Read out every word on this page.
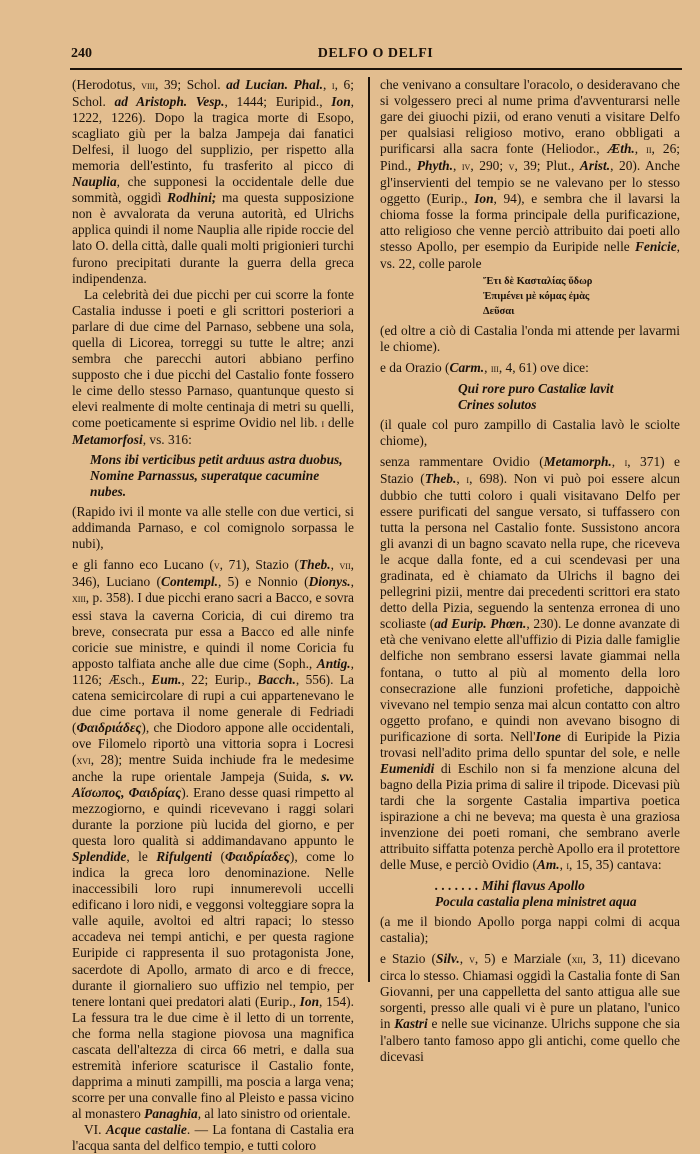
240	DELFO O DELFI

(Herodotus, viii, 39; Schol. ad Lucian. Phal., i, 6; Schol. ad Aristoph. Vesp., 1444; Euripid., Ion, 1222, 1226). Dopo la tragica morte di Esopo, scagliato giù per la balza Jampeja dai fanatici Delfesi, il luogo del supplizio, per rispetto alla memoria dell'estinto, fu trasferito al picco di Nauplia, che supponesi la occidentale delle due sommità, oggidì Rodhini; ma questa supposizione non è avvalorata da veruna autorità, ed Ulrichs applica quindi il nome Nauplia alle ripide roccie del lato O. della città, dalle quali molti prigionieri turchi furono precipitati durante la guerra della greca indipendenza.

La celebrità dei due picchi per cui scorre la fonte Castalia indusse i poeti e gli scrittori posteriori a parlare di due cime del Parnaso, sebbene una sola, quella di Licorea, torreggi su tutte le altre; anzi sembra che parecchi autori abbiano perfino supposto che i due picchi del Castalio fonte fossero le cime dello stesso Parnaso, quantunque questo si elevi realmente di molte centinaja di metri su quelli, come poeticamente si esprime Ovidio nel lib. i delle Metamorfosi, vs. 316:

Mons ibi verticibus petit arduus astra duobus,
Nomine Parnassus, superatque cacumine nubes.

(Rapido ivi il monte va alle stelle con due vertici, si addimanda Parnaso, e col comignolo sorpassa le nubi),

e gli fanno eco Lucano (v, 71), Stazio (Theb., vii, 346), Luciano (Contempl., 5) e Nonnio (Dionys., xiii, p. 358). I due picchi erano sacri a Bacco, e sovra essi stava la caverna Coricia, di cui diremo tra breve, consecrata pur essa a Bacco ed alle ninfe coricie sue ministre, e quindi il nome Coricia fu apposto talfiata anche alle due cime (Soph., Antig., 1126; Æsch., Eum., 22; Eurip., Bacch., 556). La catena semicircolare di rupi a cui appartenevano le due cime portava il nome generale di Fedriadi (Φαιδριάδες), che Diodoro appone alle occidentali, ove Filomelo riportò una vittoria sopra i Locresi (xvi, 28); mentre Suida inchiude fra le medesime anche la rupe orientale Jampeja (Suida, s. vv. Αἴσωπος, Φαιδρίας). Erano desse quasi rimpetto al mezzogiorno, e quindi ricevevano i raggi solari durante la porzione più lucida del giorno, e per questa loro qualità si addimandavano appunto le Splendide, le Rifulgenti (Φαιδρίαδες), come lo indica la greca loro denominazione. Nelle inaccessibili loro rupi innumerevoli uccelli edificano i loro nidi, e veggonsi volteggiare sopra la valle aquile, avoltoi ed altri rapaci; lo stesso accadeva nei tempi antichi, e per questa ragione Euripide ci rappresenta il suo protagonista Jone, sacerdote di Apollo, armato di arco e di frecce, durante il giornaliero suo uffizio nel tempio, per tenere lontani quei predatori alati (Eurip., Ion, 154). La fessura tra le due cime è il letto di un torrente, che forma nella stagione piovosa una magnifica cascata dell'altezza di circa 66 metri, e dalla sua estremità inferiore scaturisce il Castalio fonte, dapprima a minuti zampilli, ma poscia a larga vena; scorre per una convalle fino al Pleisto e passa vicino al monastero Panaghia, al lato sinistro od orientale.

VI. Acque castalie. — La fontana di Castalia era l'acqua santa del delfico tempio, e tutti coloro

che venivano a consultare l'oracolo, o desideravano che si volgessero preci al nume prima d'avventurarsi nelle gare dei giuochi pizii, od erano venuti a visitare Delfo per qualsiasi religioso motivo, erano obbligati a purificarsi alla sacra fonte (Heliodor., Æth., ii, 26; Pind., Phyth., iv, 290; v, 39; Plut., Arist., 20). Anche gl'inservienti del tempio se ne valevano per lo stesso oggetto (Eurip., Ion, 94), e sembra che il lavarsi la chioma fosse la forma principale della purificazione, atto religioso che venne perciò attribuito dai poeti allo stesso Apollo, per esempio da Euripide nelle Fenicie, vs. 22, colle parole

Ἔτι δὲ Κασταλίας ὕδωρ
Ἐπιμένει μὲ κόμας ἐμὰς
Δεῦσαι

(ed oltre a ciò di Castalia l'onda mi attende per lavarmi le chiome).

e da Orazio (Carm., iii, 4, 61) ove dice:

Qui rore puro Castaliæ lavit
Crines solutos

(il quale col puro zampillo di Castalia lavò le sciolte chiome),

senza rammentare Ovidio (Metamorph., i, 371) e Stazio (Theb., i, 698). Non vi può poi essere alcun dubbio che tutti coloro i quali visitavano Delfo per essere purificati del sangue versato, si tuffassero con tutta la persona nel Castalio fonte. Sussistono ancora gli avanzi di un bagno scavato nella rupe, che riceveva le acque dalla fonte, ed a cui scendevasi per una gradinata, ed è chiamato da Ulrichs il bagno dei pellegrini pizii, mentre dai precedenti scrittori era stato detto della Pizia, seguendo la sentenza erronea di uno scoliaste (ad Eurip. Phœn., 230). Le donne avanzate di età che venivano elette all'uffizio di Pizia dalle famiglie delfiche non sembrano essersi lavate giammai nella fontana, o tutto al più al momento della loro consecrazione alle funzioni profetiche, dappoichè vivevano nel tempio senza mai alcun contatto con altro oggetto profano, e quindi non avevano bisogno di purificazione di sorta. Nell'Ione di Euripide la Pizia trovasi nell'adito prima dello spuntar del sole, e nelle Eumenidi di Eschilo non si fa menzione alcuna del bagno della Pizia prima di salire il tripode. Dicevasi più tardi che la sorgente Castalia impartiva poetica ispirazione a chi ne beveva; ma questa è una graziosa invenzione dei poeti romani, che sembrano averle attribuito siffatta potenza perchè Apollo era il protettore delle Muse, e perciò Ovidio (Am., i, 15, 35) cantava:

. . . . . . . Mihi flavus Apollo
Pocula castalia plena ministret aqua

(a me il biondo Apollo porga nappi colmi di acqua castalia);

e Stazio (Silv., v, 5) e Marziale (xii, 3, 11) dicevano circa lo stesso. Chiamasi oggidì la Castalia fonte di San Giovanni, per una cappelletta del santo attigua alle sue sorgenti, presso alle quali vi è pure un platano, l'unico in Kastri e nelle sue vicinanze. Ulrichs suppone che sia l'albero tanto famoso appo gli antichi, come quello che dicevasi
